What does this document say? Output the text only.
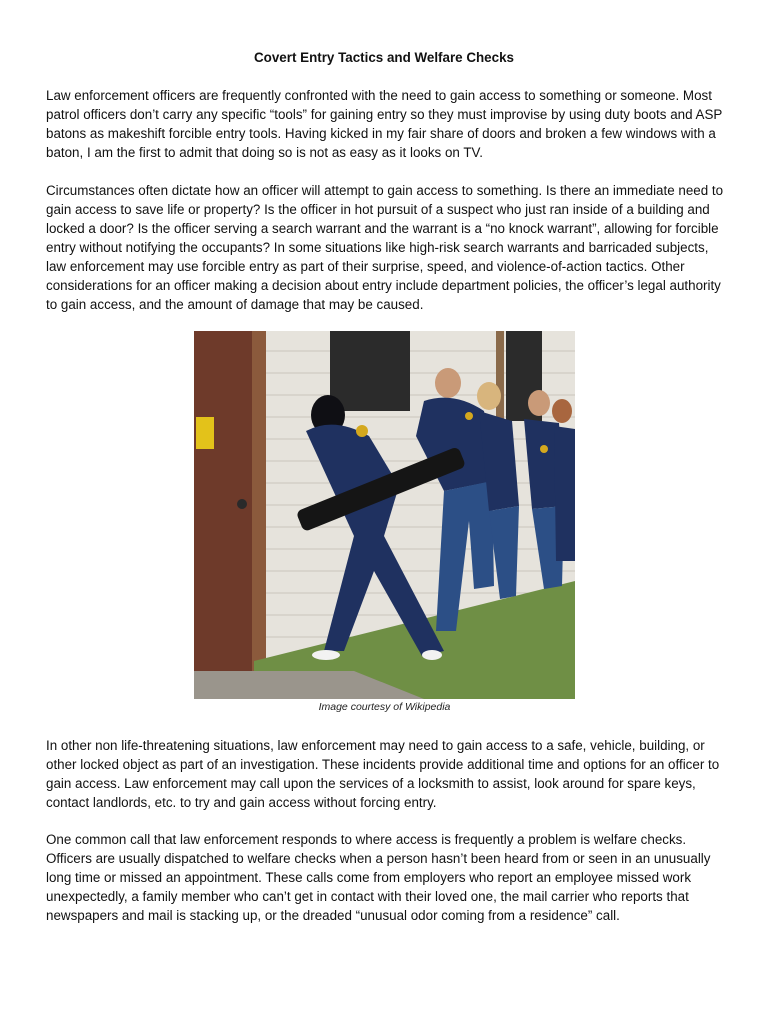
Covert Entry Tactics and Welfare Checks

Law enforcement officers are frequently confronted with the need to gain access to something or someone. Most patrol officers don’t carry any specific “tools” for gaining entry so they must improvise by using duty boots and ASP batons as makeshift forcible entry tools. Having kicked in my fair share of doors and broken a few windows with a baton, I am the first to admit that doing so is not as easy as it looks on TV.

Circumstances often dictate how an officer will attempt to gain access to something. Is there an immediate need to gain access to save life or property? Is the officer in hot pursuit of a suspect who just ran inside of a building and locked a door? Is the officer serving a search warrant and the warrant is a “no knock warrant”, allowing for forcible entry without notifying the occupants? In some situations like high-risk search warrants and barricaded subjects, law enforcement may use forcible entry as part of their surprise, speed, and violence-of-action tactics. Other considerations for an officer making a decision about entry include department policies, the officer’s legal authority to gain access, and the amount of damage that may be caused.

Image courtesy of Wikipedia

In other non life-threatening situations, law enforcement may need to gain access to a safe, vehicle, building, or other locked object as part of an investigation. These incidents provide additional time and options for an officer to gain access. Law enforcement may call upon the services of a locksmith to assist, look around for spare keys, contact landlords, etc. to try and gain access without forcing entry.

One common call that law enforcement responds to where access is frequently a problem is welfare checks. Officers are usually dispatched to welfare checks when a person hasn’t been heard from or seen in an unusually long time or missed an appointment. These calls come from employers who report an employee missed work unexpectedly, a family member who can’t get in contact with their loved one, the mail carrier who reports that newspapers and mail is stacking up, or the dreaded “unusual odor coming from a residence” call.
